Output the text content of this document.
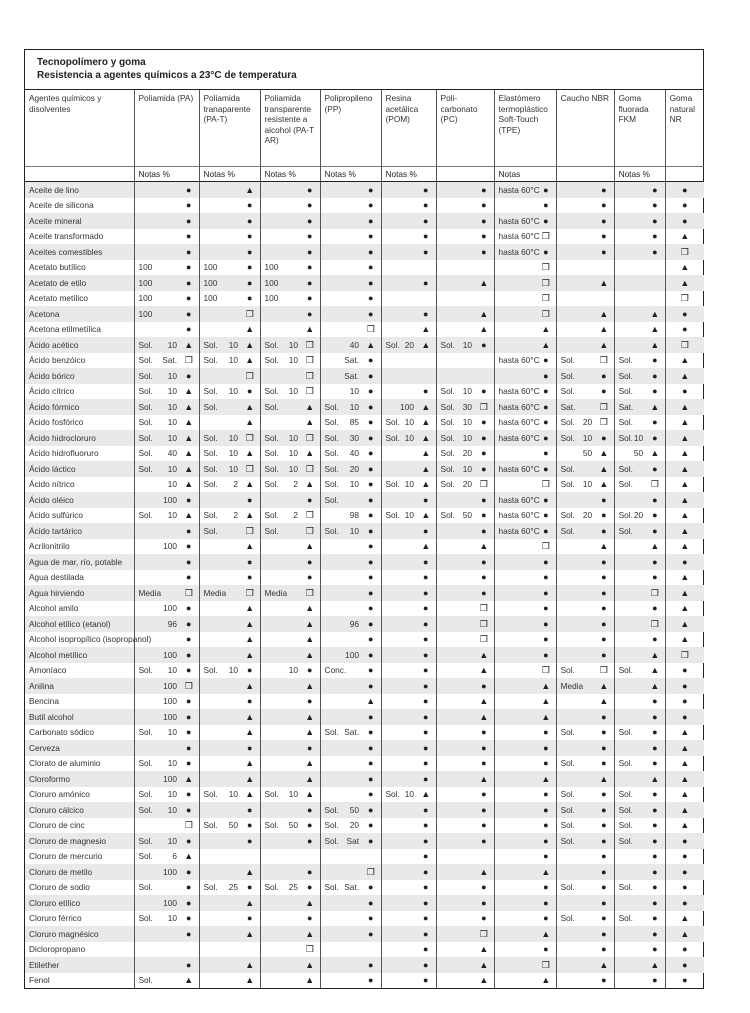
Tecnopolímero y goma
Resistencia a agentes químicos a 23°C de temperatura
Agentes químicos y disolventes	Poliamida (PA)		Poliamida tranaparente (PA-T)		Poliamida transparente resistente a alcohol (PA-T AR)		Polipropileno (PP)		Resina acetálica (POM)		Poli-carbonato (PC)		Elastómero termoplástico Soft-Touch (TPE)		Caucho NBR		Goma fluorada FKM		Goma natural NR
	Notas %		Notas %		Notas %		Notas %		Notas %				Notas				Notas %		
Aceite de lino		●		▲		●		●		●		●	hasta 60°C	●		●		●	●
Aceite de silicona		●		●		●		●		●		●		●		●		●	●
Aceite mineral		●		●		●		●		●		●	hasta 60°C	●		●		●	●
Aceite transformado		●		●		●		●		●		●	hasta 60°C	❒		●		●	▲
Aceites comestibles		●		●		●		●		●		●	hasta 60°C	●		●		●	❒
Acetato butílico	100	●	100	●	100	●		●						❒					▲
Acetato de etilo	100	●	100	●	100	●		●		●		▲		❒		▲			▲
Acetato metílico	100	●	100	●	100	●		●						❒					❒
Acetona	100	●		❒		●		●		●		▲		❒		▲		▲	●
Acetona etilmetílica		●		▲		▲		❒		▲		▲		▲		▲		▲	●
Ácido acético	Sol. 10	▲	Sol. 10	▲	Sol. 10	❒	40	▲	Sol. 20	▲	Sol. 10	●		▲		▲		▲	❒
Ácido benzóico	Sol. Sat.	❒	Sol. 10	▲	Sol. 10	❒	Sat.	●					hasta 60°C	●	Sol.	❒	Sol.	●	▲
Ácido bórico	Sol. 10	●		❒		❒	Sat.	●						●	Sol.	●	Sol.	●	▲
Ácido cítrico	Sol. 10	▲	Sol. 10	●	Sol. 10	❒	10	●		●	Sol. 10	●	hasta 60°C	●	Sol.	●	Sol.	●	●
Ácido fórmico	Sol. 10	▲	Sol.	▲	Sol.	▲	Sol. 10	●	100	▲	Sol. 30	❒	hasta 60°C	●	Sat.	❒	Sat.	▲	▲
Ácido fosfórico	Sol. 10	▲		▲		▲	Sol. 85	●	Sol. 10	▲	Sol. 10	●	hasta 60°C	●	Sol. 20	❒	Sol.	●	▲
Ácido hidrocloruro	Sol. 10	▲	Sol. 10	❒	Sol. 10	❒	Sol. 30	●	Sol. 10	▲	Sol. 10	●	hasta 60°C	●	Sol. 10	●	Sol. 10	●	▲
Ácido hidrofluoruro	Sol. 40	▲	Sol. 10	▲	Sol. 10	▲	Sol. 40	●		▲	Sol. 20	●		●	50	▲	50	▲	▲
Ácido láctico	Sol. 10	▲	Sol. 10	❒	Sol. 10	❒	Sol. 20	●		▲	Sol. 10	●	hasta 60°C	●	Sol.	▲	Sol.	●	▲
Ácido nítrico	10	▲	Sol. 2	▲	Sol. 2	▲	Sol. 10	●	Sol. 10	▲	Sol. 20	❒		❒	Sol. 10	▲	Sol.	❒	▲
Ácido oléico	100	●		●		●	Sol.	●		●		●	hasta 60°C	●		●		●	▲
Ácido sulfúrico	Sol. 10	▲	Sol. 2	▲	Sol. 2	❒	98	●	Sol. 10	▲	Sol. 50	●	hasta 60°C	●	Sol. 20	●	Sol. 20	●	▲
Ácido tartárico		●	Sol.	❒	Sol.	❒	Sol. 10	●		●		●	hasta 60°C	●	Sol.	●	Sol.	●	▲
Acrilonitrilo	100	●		▲		▲		●		▲		▲		❒		▲		▲	▲
Agua de mar, río, potable		●		●		●		●		●		●		●		●		●	●
Agua destilada		●		●		●		●		●		●		●		●		●	▲
Agua hirviendo	Media	❒	Media	❒	Media	❒		●		●		●		●		●		❒	▲
Alcohol amilo	100	●		▲		▲		●		●		❒		●		●		●	▲
Alcohol etílico (etanol)	96	●		▲		▲	96	●		●		❒		●		●		❒	▲
Alcohol isopropílico (isopropanol)		●		▲		▲		●		●		❒		●		●		●	▲
Alcohol metílico	100	●		▲		▲	100	●		●		▲		●		●		▲	❒
Amoníaco	Sol. 10	●	Sol. 10	●	10	●	Conc.	●		●		▲		❒	Sol.	❒	Sol.	▲	●
Anilina	100	❒		▲		▲		●		●		●		▲	Media	▲		▲	●
Bencina	100	●		●		●		▲		●		▲		▲		▲		●	●
Butil alcohol	100	●		▲		▲		●		●		▲		▲		●		●	●
Carbonato sódico	Sol. 10	●		▲		▲	Sol. Sat.	●		●		●		●	Sol.	●	Sol.	●	▲
Cerveza		●		●		●		●		●		●		●		●		●	▲
Clorato de aluminio	Sol. 10	●		▲		▲		●		●		●		●	Sol.	●	Sol.	●	▲
Cloroformo	100	▲		▲		▲		●		●		▲		▲		▲		▲	▲
Cloruro amónico	Sol. 10	●	Sol. 10	▲	Sol. 10	▲		●	Sol. 10	▲		●		●	Sol.	●	Sol.	●	▲
Cloruro cálcico	Sol. 10	●		●		●	Sol. 50	●		●		●		●	Sol.	●	Sol.	●	▲
Cloruro de cinc		❒	Sol. 50	●	Sol. 50	●	Sol. 20	●		●		●		●	Sol.	●	Sol.	●	▲
Cloruro de magnesio	Sol. 10	●		●		●	Sol. Sat	●		●		●		●	Sol.	●	Sol.	●	●
Cloruro de mercurio	Sol. 6	▲								●				●		●		●	●
Cloruro de metilo	100	●		▲		●		❒		●		▲		▲		●		●	●
Cloruro de sodio	Sol.	●	Sol. 25	●	Sol. 25	●	Sol. Sat.	●		●		●		●	Sol.	●	Sol.	●	●
Cloruro etílico	100	●		▲		▲		●		●		●		●		●		●	●
Cloruro férrico	Sol. 10	●		●		●		●		●		●		●	Sol.	●	Sol.	●	▲
Cloruro magnésico		●		▲		▲		●		●		❒		▲		●		●	▲
Dicloropropano						❒				●		▲		●		●		●	●
Etilether		●		▲		▲		●		●		▲		❒		▲		▲	●
Fenol	Sol.	▲		▲		▲		●		●		▲		▲		●		●	●
